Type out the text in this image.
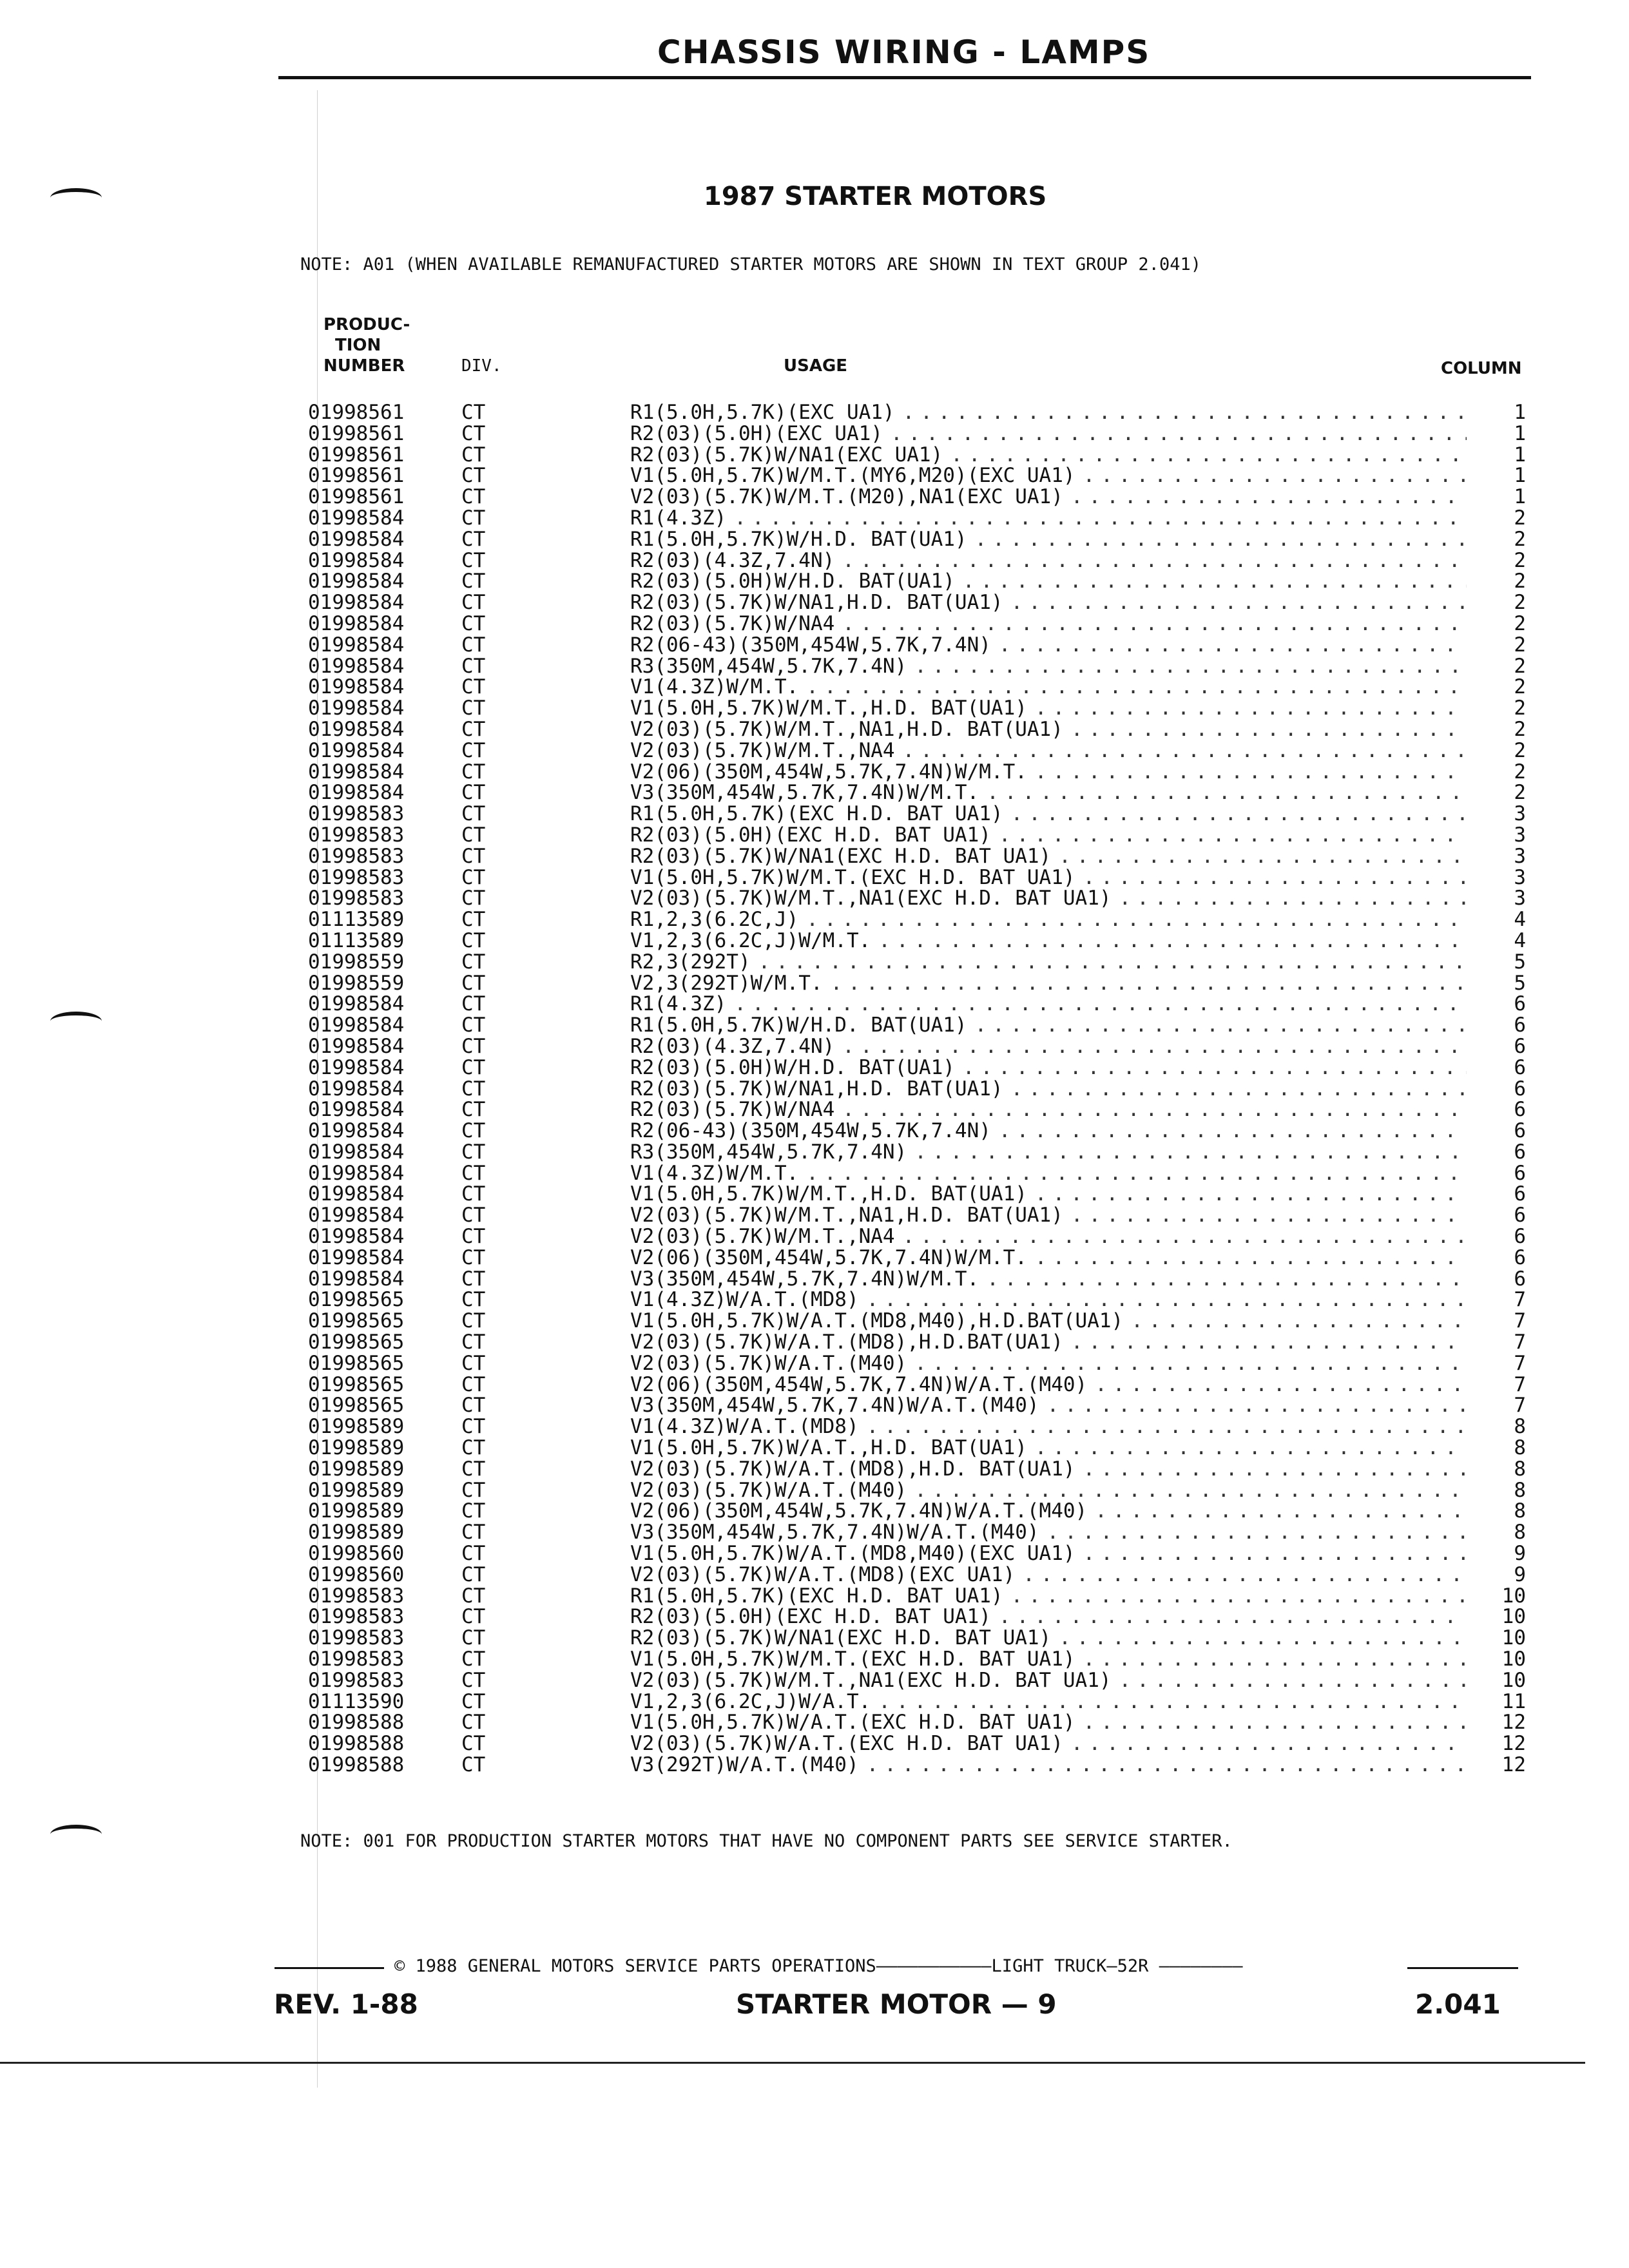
CHASSIS WIRING - LAMPS
1987 STARTER MOTORS
NOTE: A01 (WHEN AVAILABLE REMANUFACTURED STARTER MOTORS ARE SHOWN IN TEXT GROUP 2.041)
PRODUC-
TION
NUMBER	DIV.	USAGE	COLUMN
01998561	CT	R1(5.0H,5.7K)(EXC UA1) .....	1
01998561	CT	R2(03)(5.0H)(EXC UA1) .....	1
01998561	CT	R2(03)(5.7K)W/NA1(EXC UA1) .....	1
01998561	CT	V1(5.0H,5.7K)W/M.T.(MY6,M20)(EXC UA1) .....	1
01998561	CT	V2(03)(5.7K)W/M.T.(M20),NA1(EXC UA1) .....	1
01998584	CT	R1(4.3Z) .....	2
01998584	CT	R1(5.0H,5.7K)W/H.D. BAT(UA1) .....	2
01998584	CT	R2(03)(4.3Z,7.4N) .....	2
01998584	CT	R2(03)(5.0H)W/H.D. BAT(UA1) .....	2
01998584	CT	R2(03)(5.7K)W/NA1,H.D. BAT(UA1) .....	2
01998584	CT	R2(03)(5.7K)W/NA4 .....	2
01998584	CT	R2(06-43)(350M,454W,5.7K,7.4N) .....	2
01998584	CT	R3(350M,454W,5.7K,7.4N) .....	2
01998584	CT	V1(4.3Z)W/M.T. .....	2
01998584	CT	V1(5.0H,5.7K)W/M.T.,H.D. BAT(UA1) .....	2
01998584	CT	V2(03)(5.7K)W/M.T.,NA1,H.D. BAT(UA1) .....	2
01998584	CT	V2(03)(5.7K)W/M.T.,NA4 .....	2
01998584	CT	V2(06)(350M,454W,5.7K,7.4N)W/M.T. .....	2
01998584	CT	V3(350M,454W,5.7K,7.4N)W/M.T. .....	2
01998583	CT	R1(5.0H,5.7K)(EXC H.D. BAT UA1) .....	3
01998583	CT	R2(03)(5.0H)(EXC H.D. BAT UA1) .....	3
01998583	CT	R2(03)(5.7K)W/NA1(EXC H.D. BAT UA1) .....	3
01998583	CT	V1(5.0H,5.7K)W/M.T.(EXC H.D. BAT UA1) .....	3
01998583	CT	V2(03)(5.7K)W/M.T.,NA1(EXC H.D. BAT UA1) .....	3
01113589	CT	R1,2,3(6.2C,J) .....	4
01113589	CT	V1,2,3(6.2C,J)W/M.T. .....	4
01998559	CT	R2,3(292T) .....	5
01998559	CT	V2,3(292T)W/M.T. .....	5
01998584	CT	R1(4.3Z) .....	6
01998584	CT	R1(5.0H,5.7K)W/H.D. BAT(UA1) .....	6
01998584	CT	R2(03)(4.3Z,7.4N) .....	6
01998584	CT	R2(03)(5.0H)W/H.D. BAT(UA1) .....	6
01998584	CT	R2(03)(5.7K)W/NA1,H.D. BAT(UA1) .....	6
01998584	CT	R2(03)(5.7K)W/NA4 .....	6
01998584	CT	R2(06-43)(350M,454W,5.7K,7.4N) .....	6
01998584	CT	R3(350M,454W,5.7K,7.4N) .....	6
01998584	CT	V1(4.3Z)W/M.T. .....	6
01998584	CT	V1(5.0H,5.7K)W/M.T.,H.D. BAT(UA1) .....	6
01998584	CT	V2(03)(5.7K)W/M.T.,NA1,H.D. BAT(UA1) .....	6
01998584	CT	V2(03)(5.7K)W/M.T.,NA4 .....	6
01998584	CT	V2(06)(350M,454W,5.7K,7.4N)W/M.T. .....	6
01998584	CT	V3(350M,454W,5.7K,7.4N)W/M.T. .....	6
01998565	CT	V1(4.3Z)W/A.T.(MD8) .....	7
01998565	CT	V1(5.0H,5.7K)W/A.T.(MD8,M40),H.D.BAT(UA1) .....	7
01998565	CT	V2(03)(5.7K)W/A.T.(MD8),H.D.BAT(UA1) .....	7
01998565	CT	V2(03)(5.7K)W/A.T.(M40) .....	7
01998565	CT	V2(06)(350M,454W,5.7K,7.4N)W/A.T.(M40) .....	7
01998565	CT	V3(350M,454W,5.7K,7.4N)W/A.T.(M40) .....	7
01998589	CT	V1(4.3Z)W/A.T.(MD8) .....	8
01998589	CT	V1(5.0H,5.7K)W/A.T.,H.D. BAT(UA1) .....	8
01998589	CT	V2(03)(5.7K)W/A.T.(MD8),H.D. BAT(UA1) .....	8
01998589	CT	V2(03)(5.7K)W/A.T.(M40) .....	8
01998589	CT	V2(06)(350M,454W,5.7K,7.4N)W/A.T.(M40) .....	8
01998589	CT	V3(350M,454W,5.7K,7.4N)W/A.T.(M40) .....	8
01998560	CT	V1(5.0H,5.7K)W/A.T.(MD8,M40)(EXC UA1) .....	9
01998560	CT	V2(03)(5.7K)W/A.T.(MD8)(EXC UA1) .....	9
01998583	CT	R1(5.0H,5.7K)(EXC H.D. BAT UA1) .....	10
01998583	CT	R2(03)(5.0H)(EXC H.D. BAT UA1) .....	10
01998583	CT	R2(03)(5.7K)W/NA1(EXC H.D. BAT UA1) .....	10
01998583	CT	V1(5.0H,5.7K)W/M.T.(EXC H.D. BAT UA1) .....	10
01998583	CT	V2(03)(5.7K)W/M.T.,NA1(EXC H.D. BAT UA1) .....	10
01113590	CT	V1,2,3(6.2C,J)W/A.T. .....	11
01998588	CT	V1(5.0H,5.7K)W/A.T.(EXC H.D. BAT UA1) .....	12
01998588	CT	V2(03)(5.7K)W/A.T.(EXC H.D. BAT UA1) .....	12
01998588	CT	V3(292T)W/A.T.(M40) .....	12
NOTE: 001 FOR PRODUCTION STARTER MOTORS THAT HAVE NO COMPONENT PARTS SEE SERVICE STARTER.
© 1988 GENERAL MOTORS SERVICE PARTS OPERATIONS———————————LIGHT TRUCK—52R ————————
REV. 1-88	STARTER MOTOR — 9	2.041
